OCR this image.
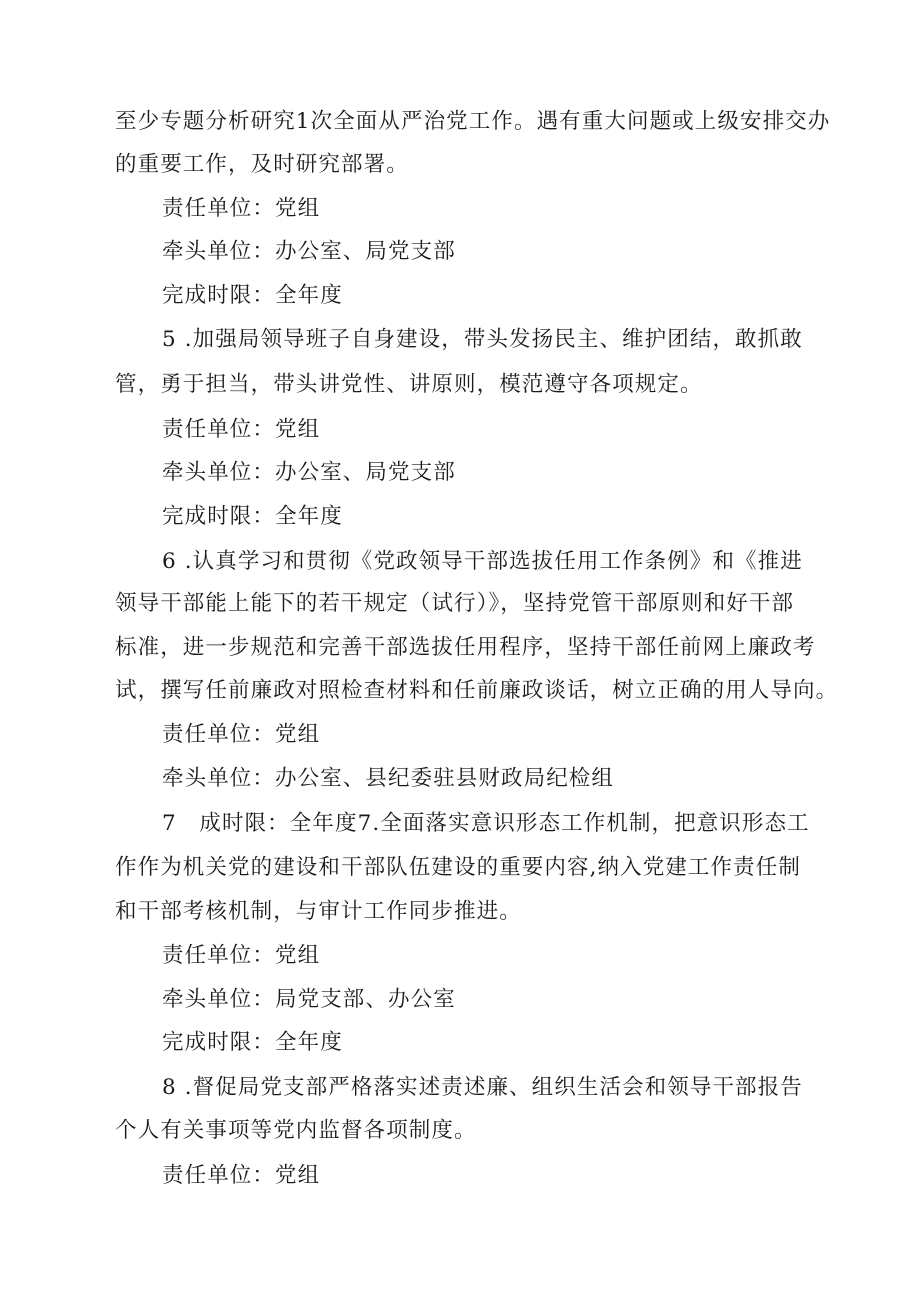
至少专题分析研究1次全面从严治党工作。遇有重大问题或上级安排交办
的重要工作，及时研究部署。
责任单位：党组
牵头单位：办公室、局党支部
完成时限：全年度
5 .加强局领导班子自身建设，带头发扬民主、维护团结，敢抓敢
管，勇于担当，带头讲党性、讲原则，模范遵守各项规定。
责任单位：党组
牵头单位：办公室、局党支部
完成时限：全年度
6 .认真学习和贯彻《党政领导干部选拔任用工作条例》和《推进
领导干部能上能下的若干规定（试行）》，坚持党管干部原则和好干部
标准，进一步规范和完善干部选拔任用程序，坚持干部任前网上廉政考
试，撰写任前廉政对照检查材料和任前廉政谈话，树立正确的用人导向。
责任单位：党组
牵头单位：办公室、县纪委驻县财政局纪检组
7　成时限：全年度7.全面落实意识形态工作机制，把意识形态工
作作为机关党的建设和干部队伍建设的重要内容,纳入党建工作责任制
和干部考核机制，与审计工作同步推进。
责任单位：党组
牵头单位：局党支部、办公室
完成时限：全年度
8 .督促局党支部严格落实述责述廉、组织生活会和领导干部报告
个人有关事项等党内监督各项制度。
责任单位：党组
